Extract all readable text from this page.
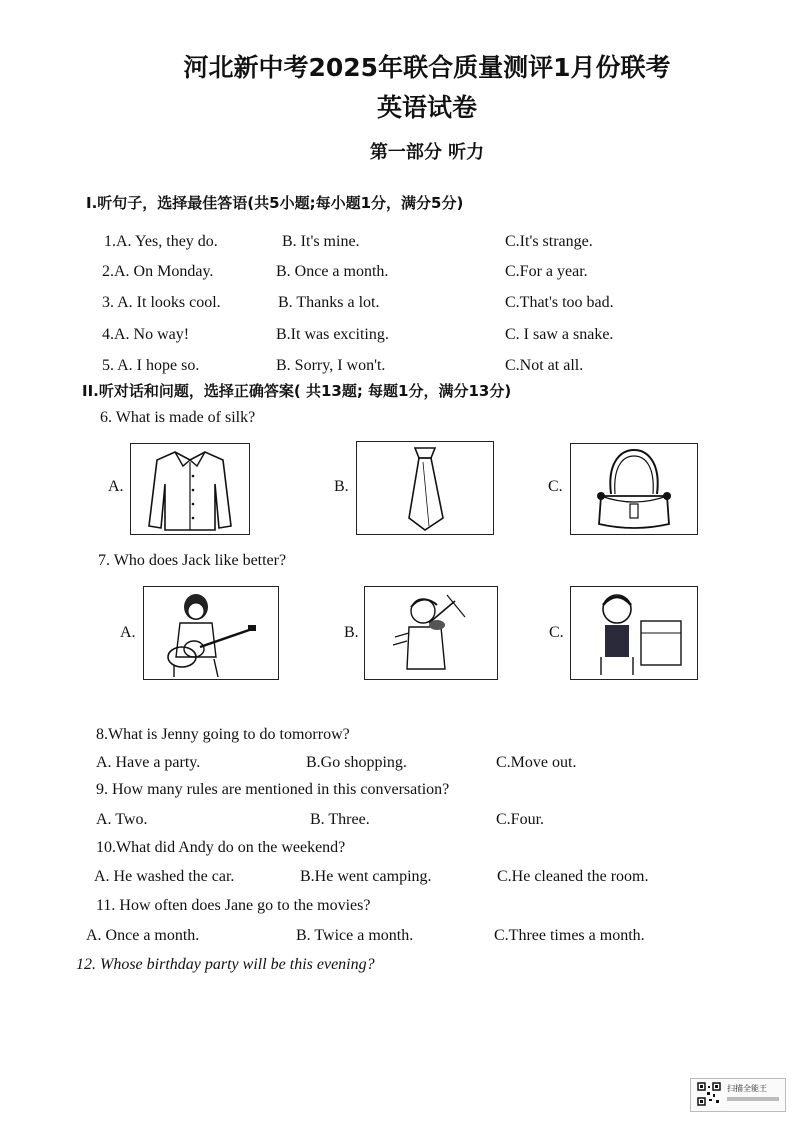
河北新中考2025年联合质量测评1月份联考
英语试卷
第一部分 听力
I.听句子，选择最佳答语(共5小题;每小题1分，满分5分)
1.A. Yes, they do.	B. It's mine.	C.It's strange.
2.A. On Monday.	B. Once a month.	C.For a year.
3. A. It looks cool.	B. Thanks a lot.	C.That's too bad.
4.A. No way!	B.It was exciting.	C. I saw a snake.
5. A. I hope so.	B. Sorry, I won't.	C.Not at all.
II.听对话和问题，选择正确答案( 共13题; 每题1分，满分13分)
6. What is made of silk?
A.	B.	C.
7. Who does Jack like better?
A.	B.	C.
8.What is Jenny going to do tomorrow?
A. Have a party.	B.Go shopping.	C.Move out.
9. How many rules are mentioned in this conversation?
A. Two.	B. Three.	C.Four.
10.What did Andy do on the weekend?
A. He washed the car.	B.He went camping.	C.He cleaned the room.
11. How often does Jane go to the movies?
A. Once a month.	B. Twice a month.	C.Three times a month.
12. Whose birthday party will be this evening?
扫描全能王
